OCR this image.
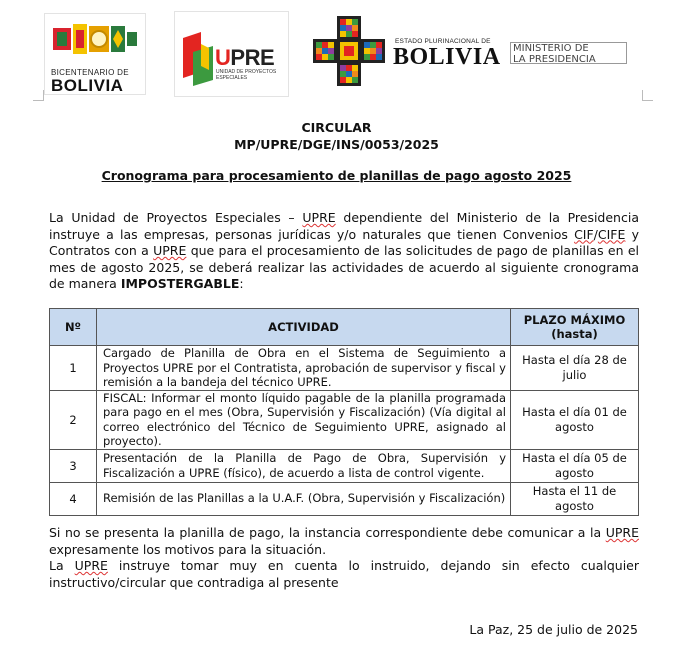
BICENTENARIO DE
BOLIVIA
UPRE
UNIDAD DE PROYECTOS ESPECIALES
ESTADO PLURINACIONAL DE
BOLIVIA MINISTERIO DE
LA PRESIDENCIA
CIRCULAR
MP/UPRE/DGE/INS/0053/2025
Cronograma para procesamiento de planillas de pago agosto 2025
La Unidad de Proyectos Especiales – UPRE dependiente del Ministerio de la Presidencia instruye a las empresas, personas jurídicas y/o naturales que tienen Convenios CIF/CIFE y Contratos con a UPRE que para el procesamiento de las solicitudes de pago de planillas en el mes de agosto 2025, se deberá realizar las actividades de acuerdo al siguiente cronograma de manera IMPOSTERGABLE:
Nº	ACTIVIDAD	PLAZO MÁXIMO (hasta)
1	Cargado de Planilla de Obra en el Sistema de Seguimiento a Proyectos UPRE por el Contratista, aprobación de supervisor y fiscal y remisión a la bandeja del técnico UPRE.	Hasta el día 28 de julio
2	FISCAL: Informar el monto líquido pagable de la planilla programada para pago en el mes (Obra, Supervisión y Fiscalización) (Vía digital al correo electrónico del Técnico de Seguimiento UPRE, asignado al proyecto).	Hasta el día 01 de agosto
3	Presentación de la Planilla de Pago de Obra, Supervisión y Fiscalización a UPRE (físico), de acuerdo a lista de control vigente.	Hasta el día 05 de agosto
4	Remisión de las Planillas a la U.A.F. (Obra, Supervisión y Fiscalización)	Hasta el 11 de agosto
Si no se presenta la planilla de pago, la instancia correspondiente debe comunicar a la UPRE expresamente los motivos para la situación.
La UPRE instruye tomar muy en cuenta lo instruido, dejando sin efecto cualquier instructivo/circular que contradiga al presente
La Paz, 25 de julio de 2025
